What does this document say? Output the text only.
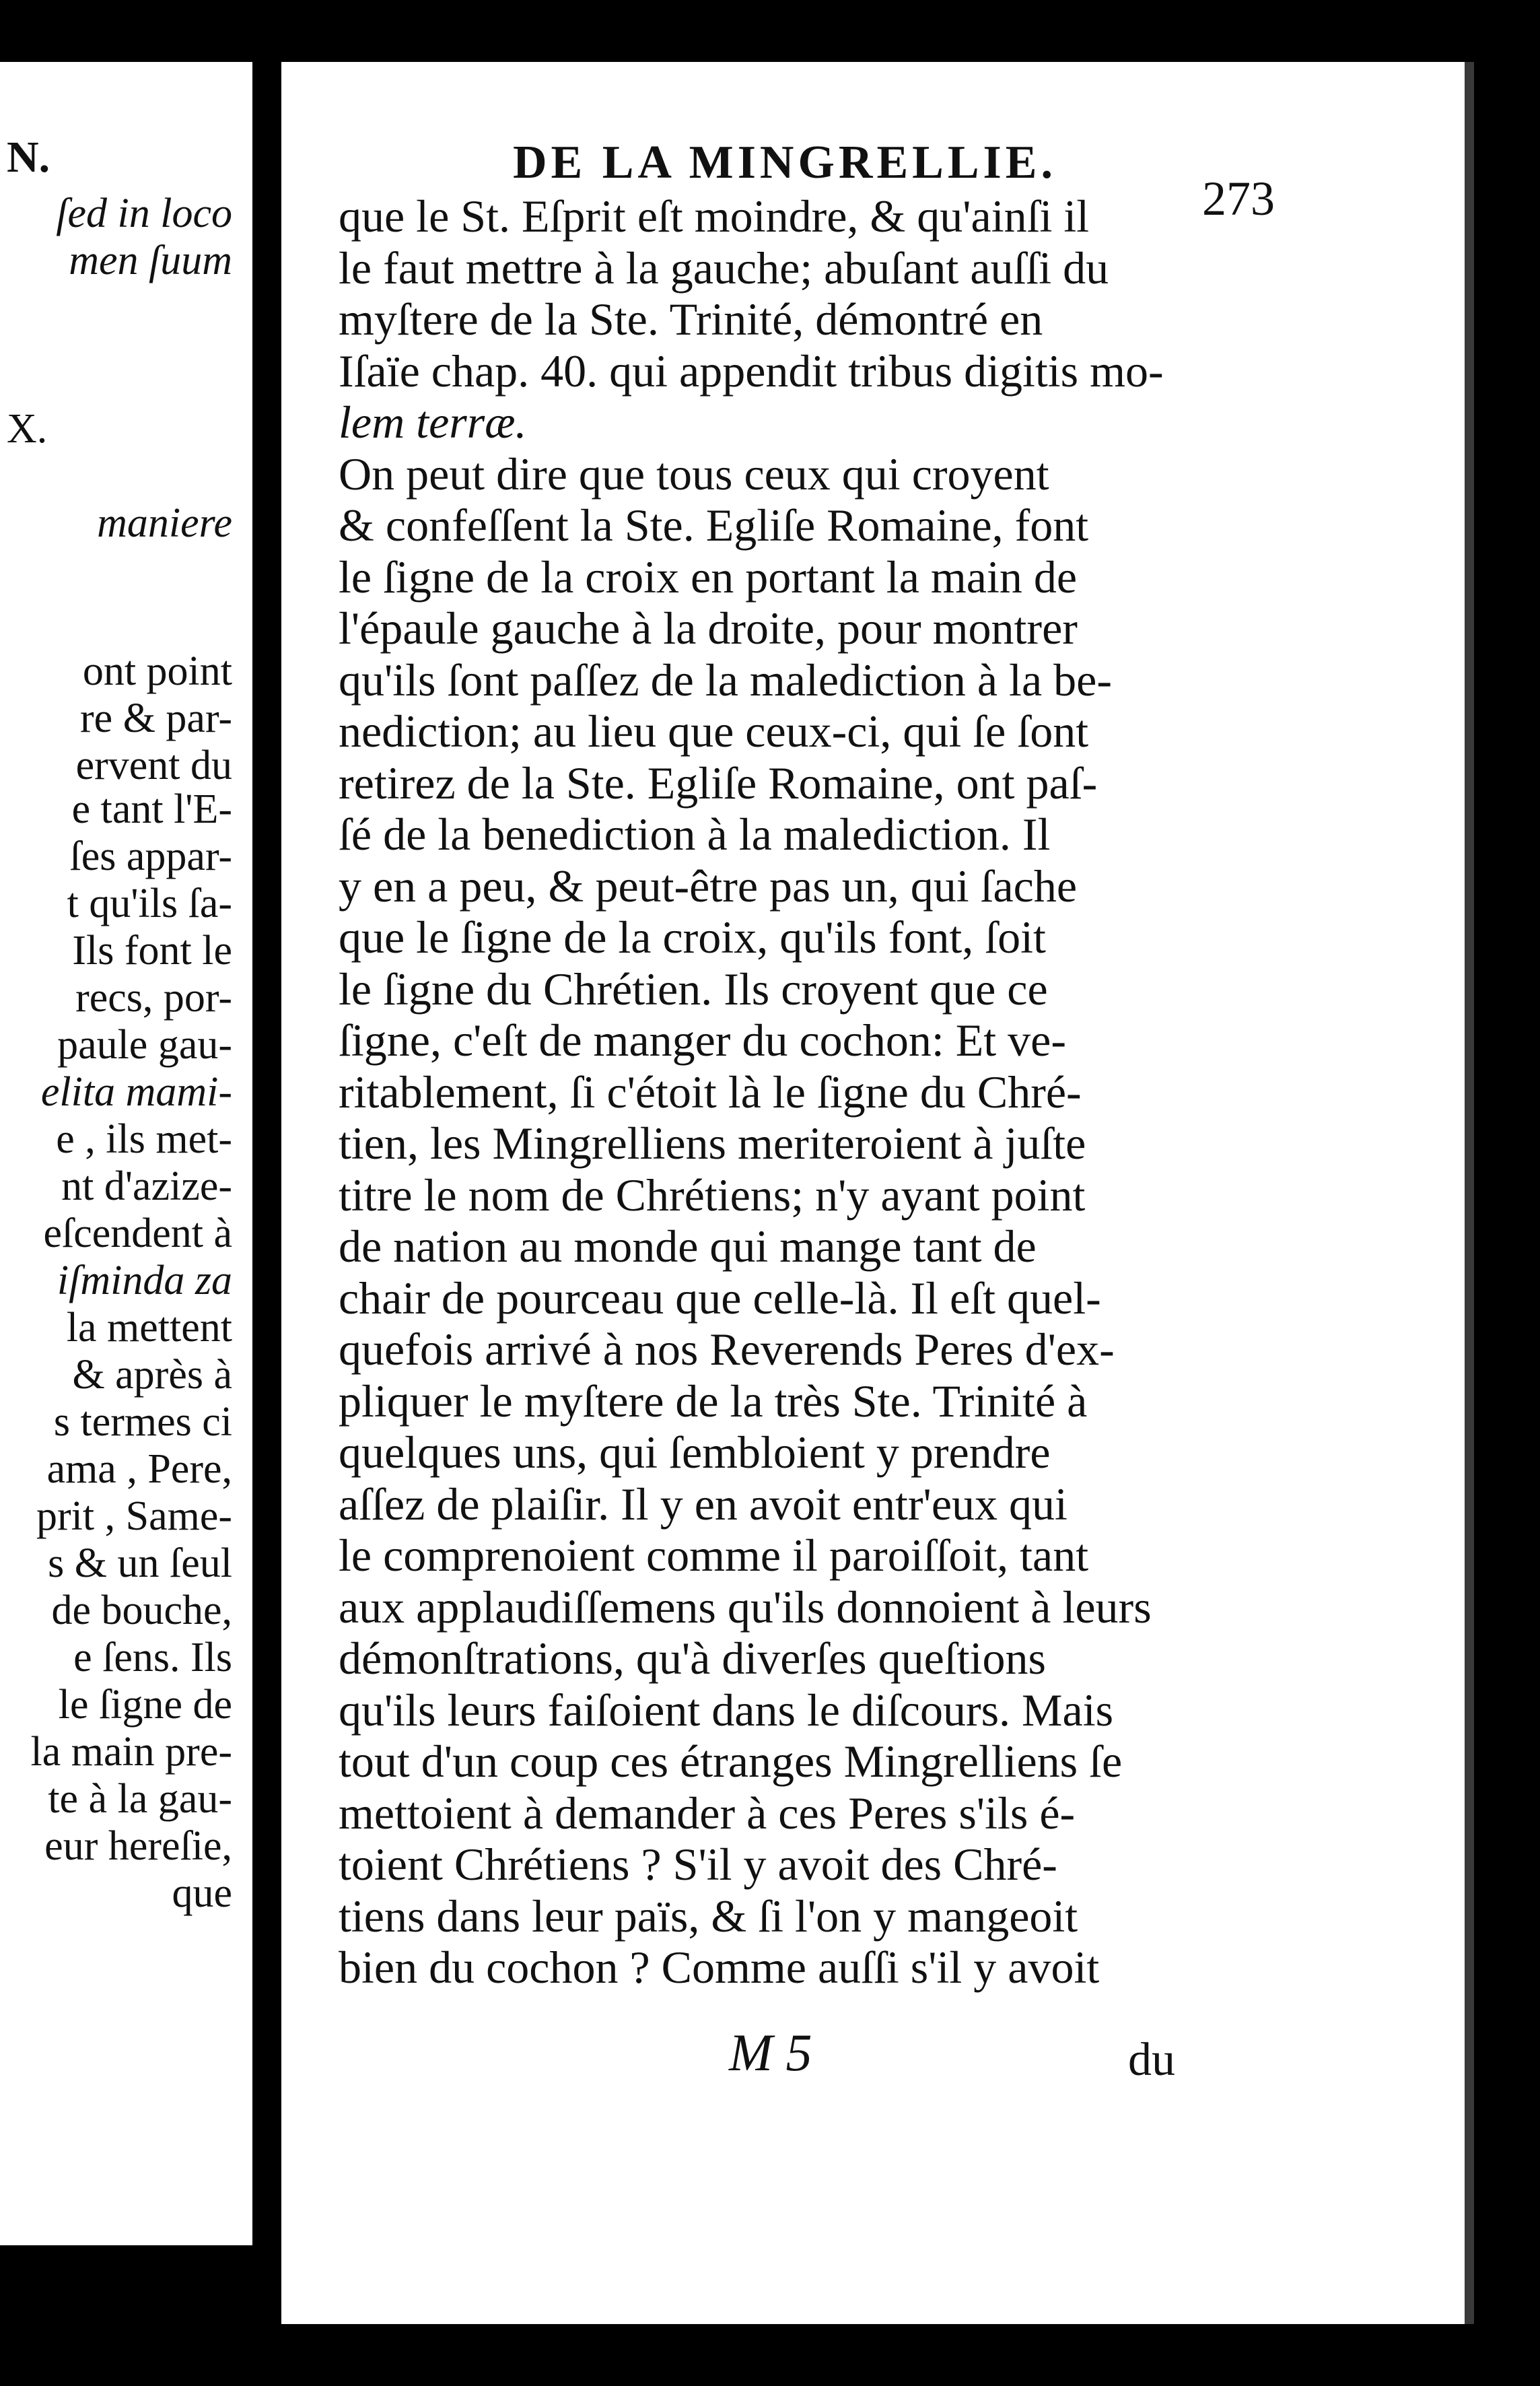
N.
ſed in loco
men ſuum
X.
maniere
ont point
re & par-
ervent du
e tant l'E-
ſes appar-
t qu'ils ſa-
Ils font le
recs, por-
paule gau-
elita mami-
e , ils met-
nt d'azize-
eſcendent à
iſminda za
la mettent
& après à
s termes ci
ama , Pere,
prit , Same-
s & un ſeul
de bouche,
e ſens. Ils
le ſigne de
la main pre-
te à la gau-
eur hereſie,
que
DE LA MINGRELLIE.
273
que le St. Eſprit eſt moindre, & qu'ainſi il
le faut mettre à la gauche; abuſant auſſi du
myſtere de la Ste. Trinité, démontré en
Iſaïe chap. 40. qui appendit tribus digitis mo-
lem terræ.
On peut dire que tous ceux qui croyent
& confeſſent la Ste. Egliſe Romaine, font
le ſigne de la croix en portant la main de
l'épaule gauche à la droite, pour montrer
qu'ils ſont paſſez de la malediction à la be-
nediction; au lieu que ceux-ci, qui ſe ſont
retirez de la Ste. Egliſe Romaine, ont paſ-
ſé de la benediction à la malediction. Il
y en a peu, & peut-être pas un, qui ſache
que le ſigne de la croix, qu'ils font, ſoit
le ſigne du Chrétien. Ils croyent que ce
ſigne, c'eſt de manger du cochon: Et ve-
ritablement, ſi c'étoit là le ſigne du Chré-
tien, les Mingrelliens meriteroient à juſte
titre le nom de Chrétiens; n'y ayant point
de nation au monde qui mange tant de
chair de pourceau que celle-là. Il eſt quel-
quefois arrivé à nos Reverends Peres d'ex-
pliquer le myſtere de la très Ste. Trinité à
quelques uns, qui ſembloient y prendre
aſſez de plaiſir. Il y en avoit entr'eux qui
le comprenoient comme il paroiſſoit, tant
aux applaudiſſemens qu'ils donnoient à leurs
démonſtrations, qu'à diverſes queſtions
qu'ils leurs faiſoient dans le diſcours. Mais
tout d'un coup ces étranges Mingrelliens ſe
mettoient à demander à ces Peres s'ils é-
toient Chrétiens ? S'il y avoit des Chré-
tiens dans leur païs, & ſi l'on y mangeoit
bien du cochon ? Comme auſſi s'il y avoit
M 5	du
